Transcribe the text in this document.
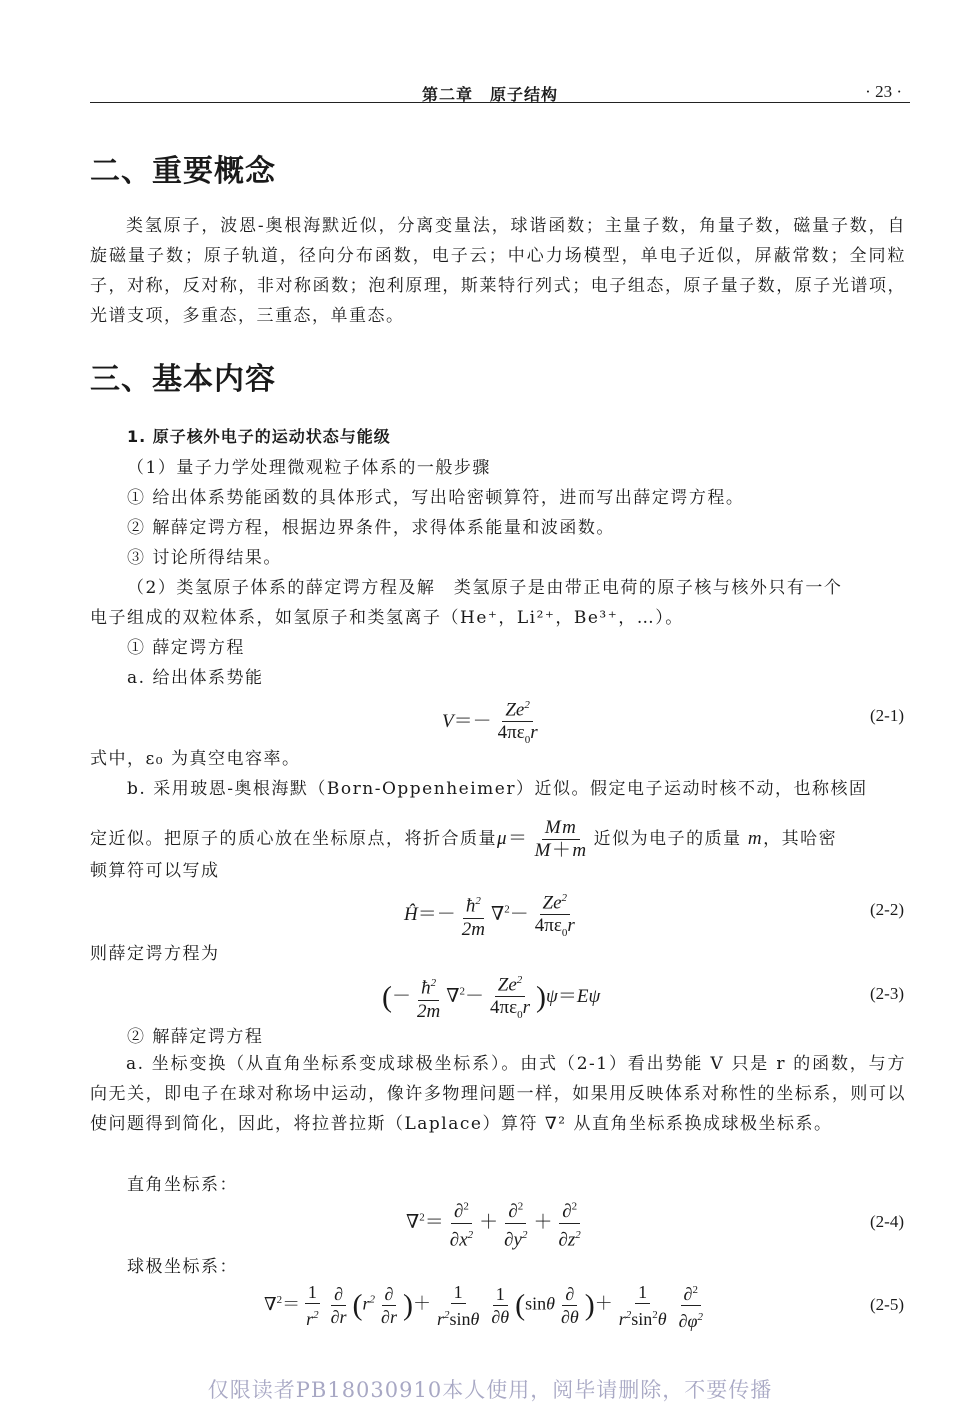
第二章　原子结构	· 23 ·
二、重要概念
类氢原子，波恩-奥根海默近似，分离变量法，球谐函数；主量子数，角量子数，磁量子数，自旋磁量子数；原子轨道，径向分布函数，电子云；中心力场模型，单电子近似，屏蔽常数；全同粒子，对称，反对称，非对称函数；泡利原理，斯莱特行列式；电子组态，原子量子数，原子光谱项，光谱支项，多重态，三重态，单重态。
三、基本内容
1. 原子核外电子的运动状态与能级
（1）量子力学处理微观粒子体系的一般步骤
① 给出体系势能函数的具体形式，写出哈密顿算符，进而写出薛定谔方程。
② 解薛定谔方程，根据边界条件，求得体系能量和波函数。
③ 讨论所得结果。
（2）类氢原子体系的薛定谔方程及解　类氢原子是由带正电荷的原子核与核外只有一个
电子组成的双粒体系，如氢原子和类氢离子（He⁺，Li²⁺，Be³⁺，…）。
① 薛定谔方程
a. 给出体系势能
$V=- \frac{Ze^2}{4\pi\varepsilon_0r}$	(2-1)
式中，ε₀ 为真空电容率。
b. 采用玻恩-奥根海默（Born-Oppenheimer）近似。假定电子运动时核不动，也称核固
定近似。把原子的质心放在坐标原点，将折合质量$\mu= \frac{Mm}{M+m}$ 近似为电子的质量 m，其哈密
顿算符可以写成
Ĥ＝－ $\frac{ħ^2}{2m} \nabla^2- \frac{Ze^2}{4\pi\varepsilon_0r}$	(2-2)
则薛定谔方程为
(－ $\frac{ħ^2}{2m} \nabla^2- \frac{Ze^2}{4\pi\varepsilon_0r} )\psi=E\psi$	(2-3)
② 解薛定谔方程
a. 坐标变换（从直角坐标系变成球极坐标系）。由式（2-1）看出势能 V 只是 r 的函数，与方向无关，即电子在球对称场中运动，像许多物理问题一样，如果用反映体系对称性的坐标系，则可以使问题得到简化，因此，将拉普拉斯（Laplace）算符 ∇² 从直角坐标系换成球极坐标系。
直角坐标系：
$\nabla^2= \frac{\partial^2}{\partial x^2} + \frac{\partial^2}{\partial y^2} + \frac{\partial^2}{\partial z^2}$	(2-4)
球极坐标系：
$\nabla^2= \frac{1}{r^2} \frac{\partial}{\partial r} (r^2 \frac{\partial}{\partial r}$ )＋ $\frac{1}{r^2\sin\theta} \frac{1}{\partial\theta} (\sin\theta \frac{\partial}{\partial\theta}$ )＋ $\frac{1}{r^2\sin^2\theta} \frac{\partial^2}{\partial\varphi^2}$	(2-5)
仅限读者PB18030910本人使用，阅毕请删除，不要传播
